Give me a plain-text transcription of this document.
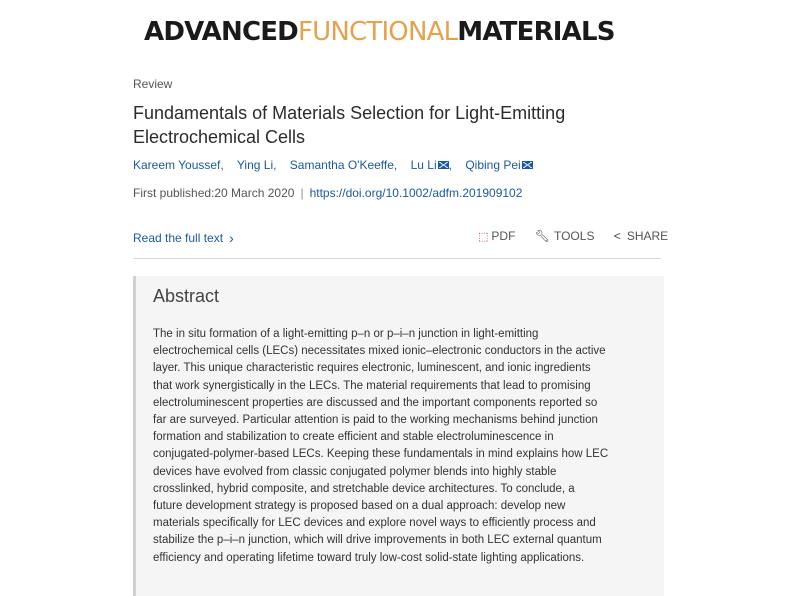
ADVANCEDFUNCTIONALMATERIALS
Review
Fundamentals of Materials Selection for Light-Emitting Electrochemical Cells
Kareem Youssef, Ying Li, Samantha O'Keeffe, Lu Li , Qibing Pei
First published:20 March 2020 | https://doi.org/10.1002/adfm.201909102
Read the full text ›	⬚ PDF 🔧︎ TOOLS < SHARE
Abstract
The in situ formation of a light-emitting p–n or p–i–n junction in light-emitting
electrochemical cells (LECs) necessitates mixed ionic–electronic conductors in the active
layer. This unique characteristic requires electronic, luminescent, and ionic ingredients
that work synergistically in the LECs. The material requirements that lead to promising
electroluminescent properties are discussed and the important components reported so
far are surveyed. Particular attention is paid to the working mechanisms behind junction
formation and stabilization to create efficient and stable electroluminescence in
conjugated-polymer-based LECs. Keeping these fundamentals in mind explains how LEC
devices have evolved from classic conjugated polymer blends into highly stable
crosslinked, hybrid composite, and stretchable device architectures. To conclude, a
future development strategy is proposed based on a dual approach: develop new
materials specifically for LEC devices and explore novel ways to efficiently process and
stabilize the p–i–n junction, which will drive improvements in both LEC external quantum
efficiency and operating lifetime toward truly low-cost solid-state lighting applications.
